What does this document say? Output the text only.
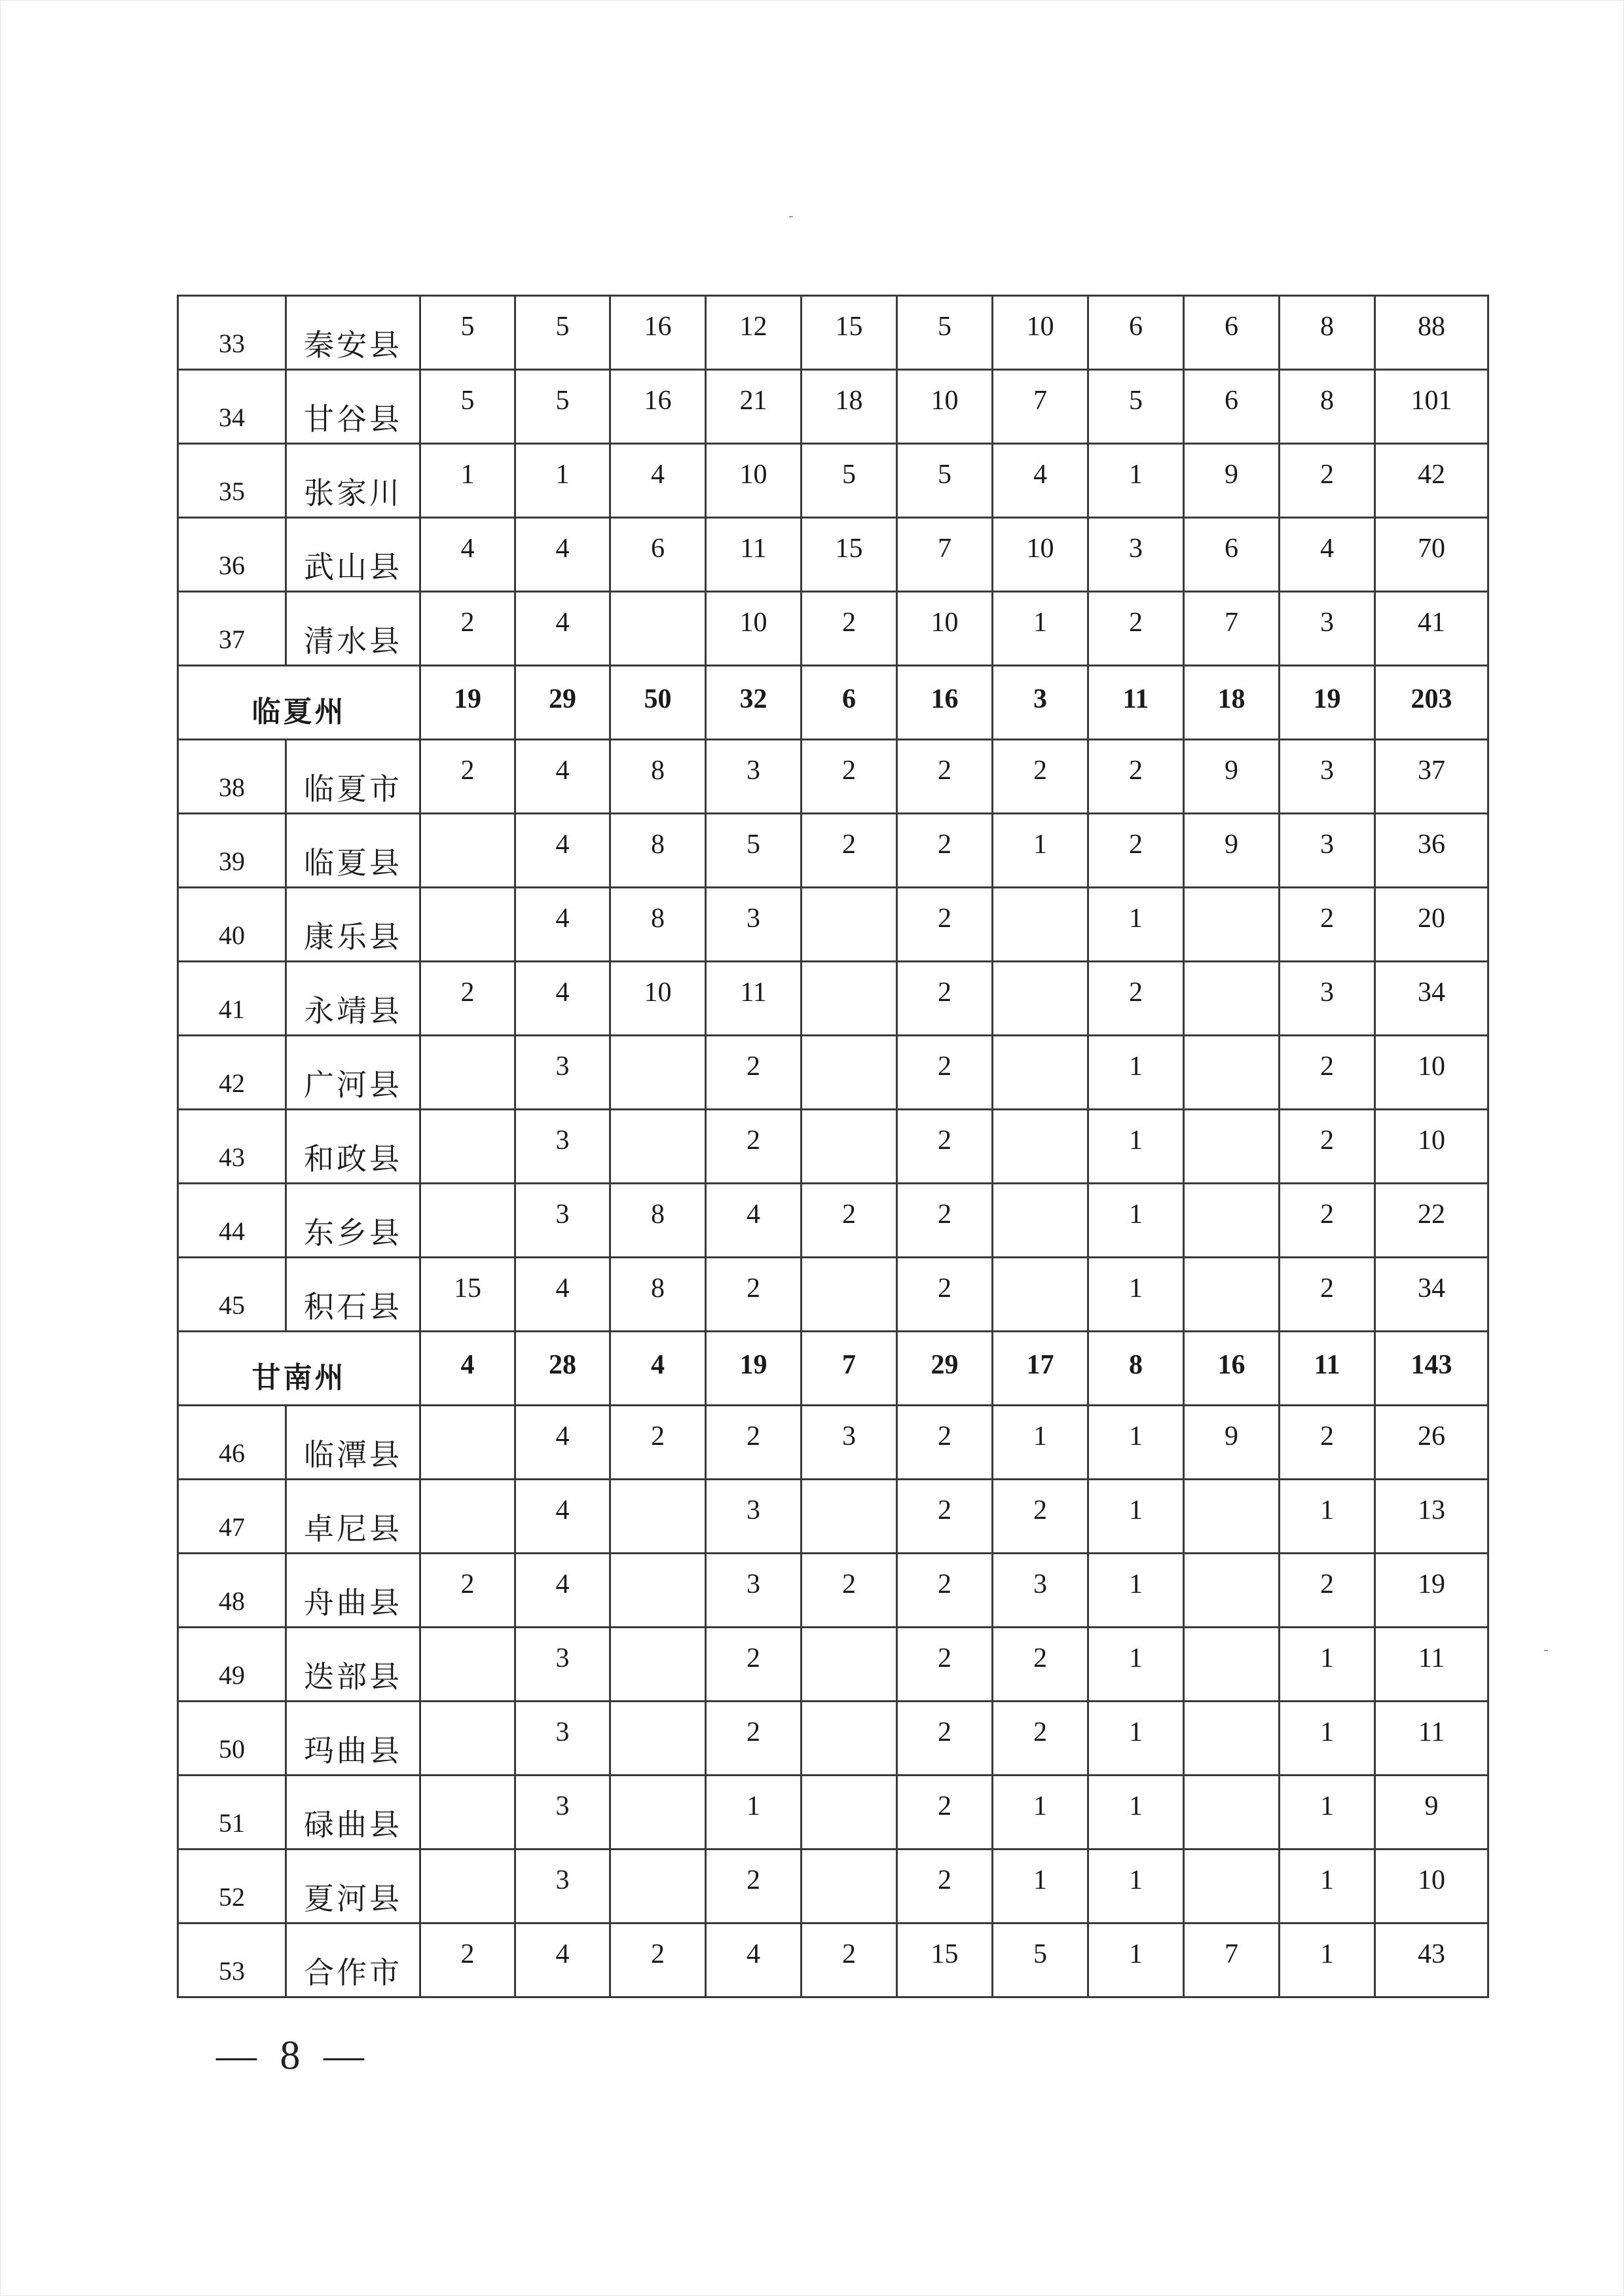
33	秦安县	5	5	16	12	15	5	10	6	6	8	88
34	甘谷县	5	5	16	21	18	10	7	5	6	8	101
35	张家川	1	1	4	10	5	5	4	1	9	2	42
36	武山县	4	4	6	11	15	7	10	3	6	4	70
37	清水县	2	4		10	2	10	1	2	7	3	41
临夏州		19	29	50	32	6	16	3	11	18	19	203
38	临夏市	2	4	8	3	2	2	2	2	9	3	37
39	临夏县		4	8	5	2	2	1	2	9	3	36
40	康乐县		4	8	3		2		1		2	20
41	永靖县	2	4	10	11		2		2		3	34
42	广河县		3		2		2		1		2	10
43	和政县		3		2		2		1		2	10
44	东乡县		3	8	4	2	2		1		2	22
45	积石县	15	4	8	2		2		1		2	34
甘南州		4	28	4	19	7	29	17	8	16	11	143
46	临潭县		4	2	2	3	2	1	1	9	2	26
47	卓尼县		4		3		2	2	1		1	13
48	舟曲县	2	4		3	2	2	3	1		2	19
49	迭部县		3		2		2	2	1		1	11
50	玛曲县		3		2		2	2	1		1	11
51	碌曲县		3		1		2	1	1		1	9
52	夏河县		3		2		2	1	1		1	10
53	合作市	2	4	2	4	2	15	5	1	7	1	43
— 8 —
